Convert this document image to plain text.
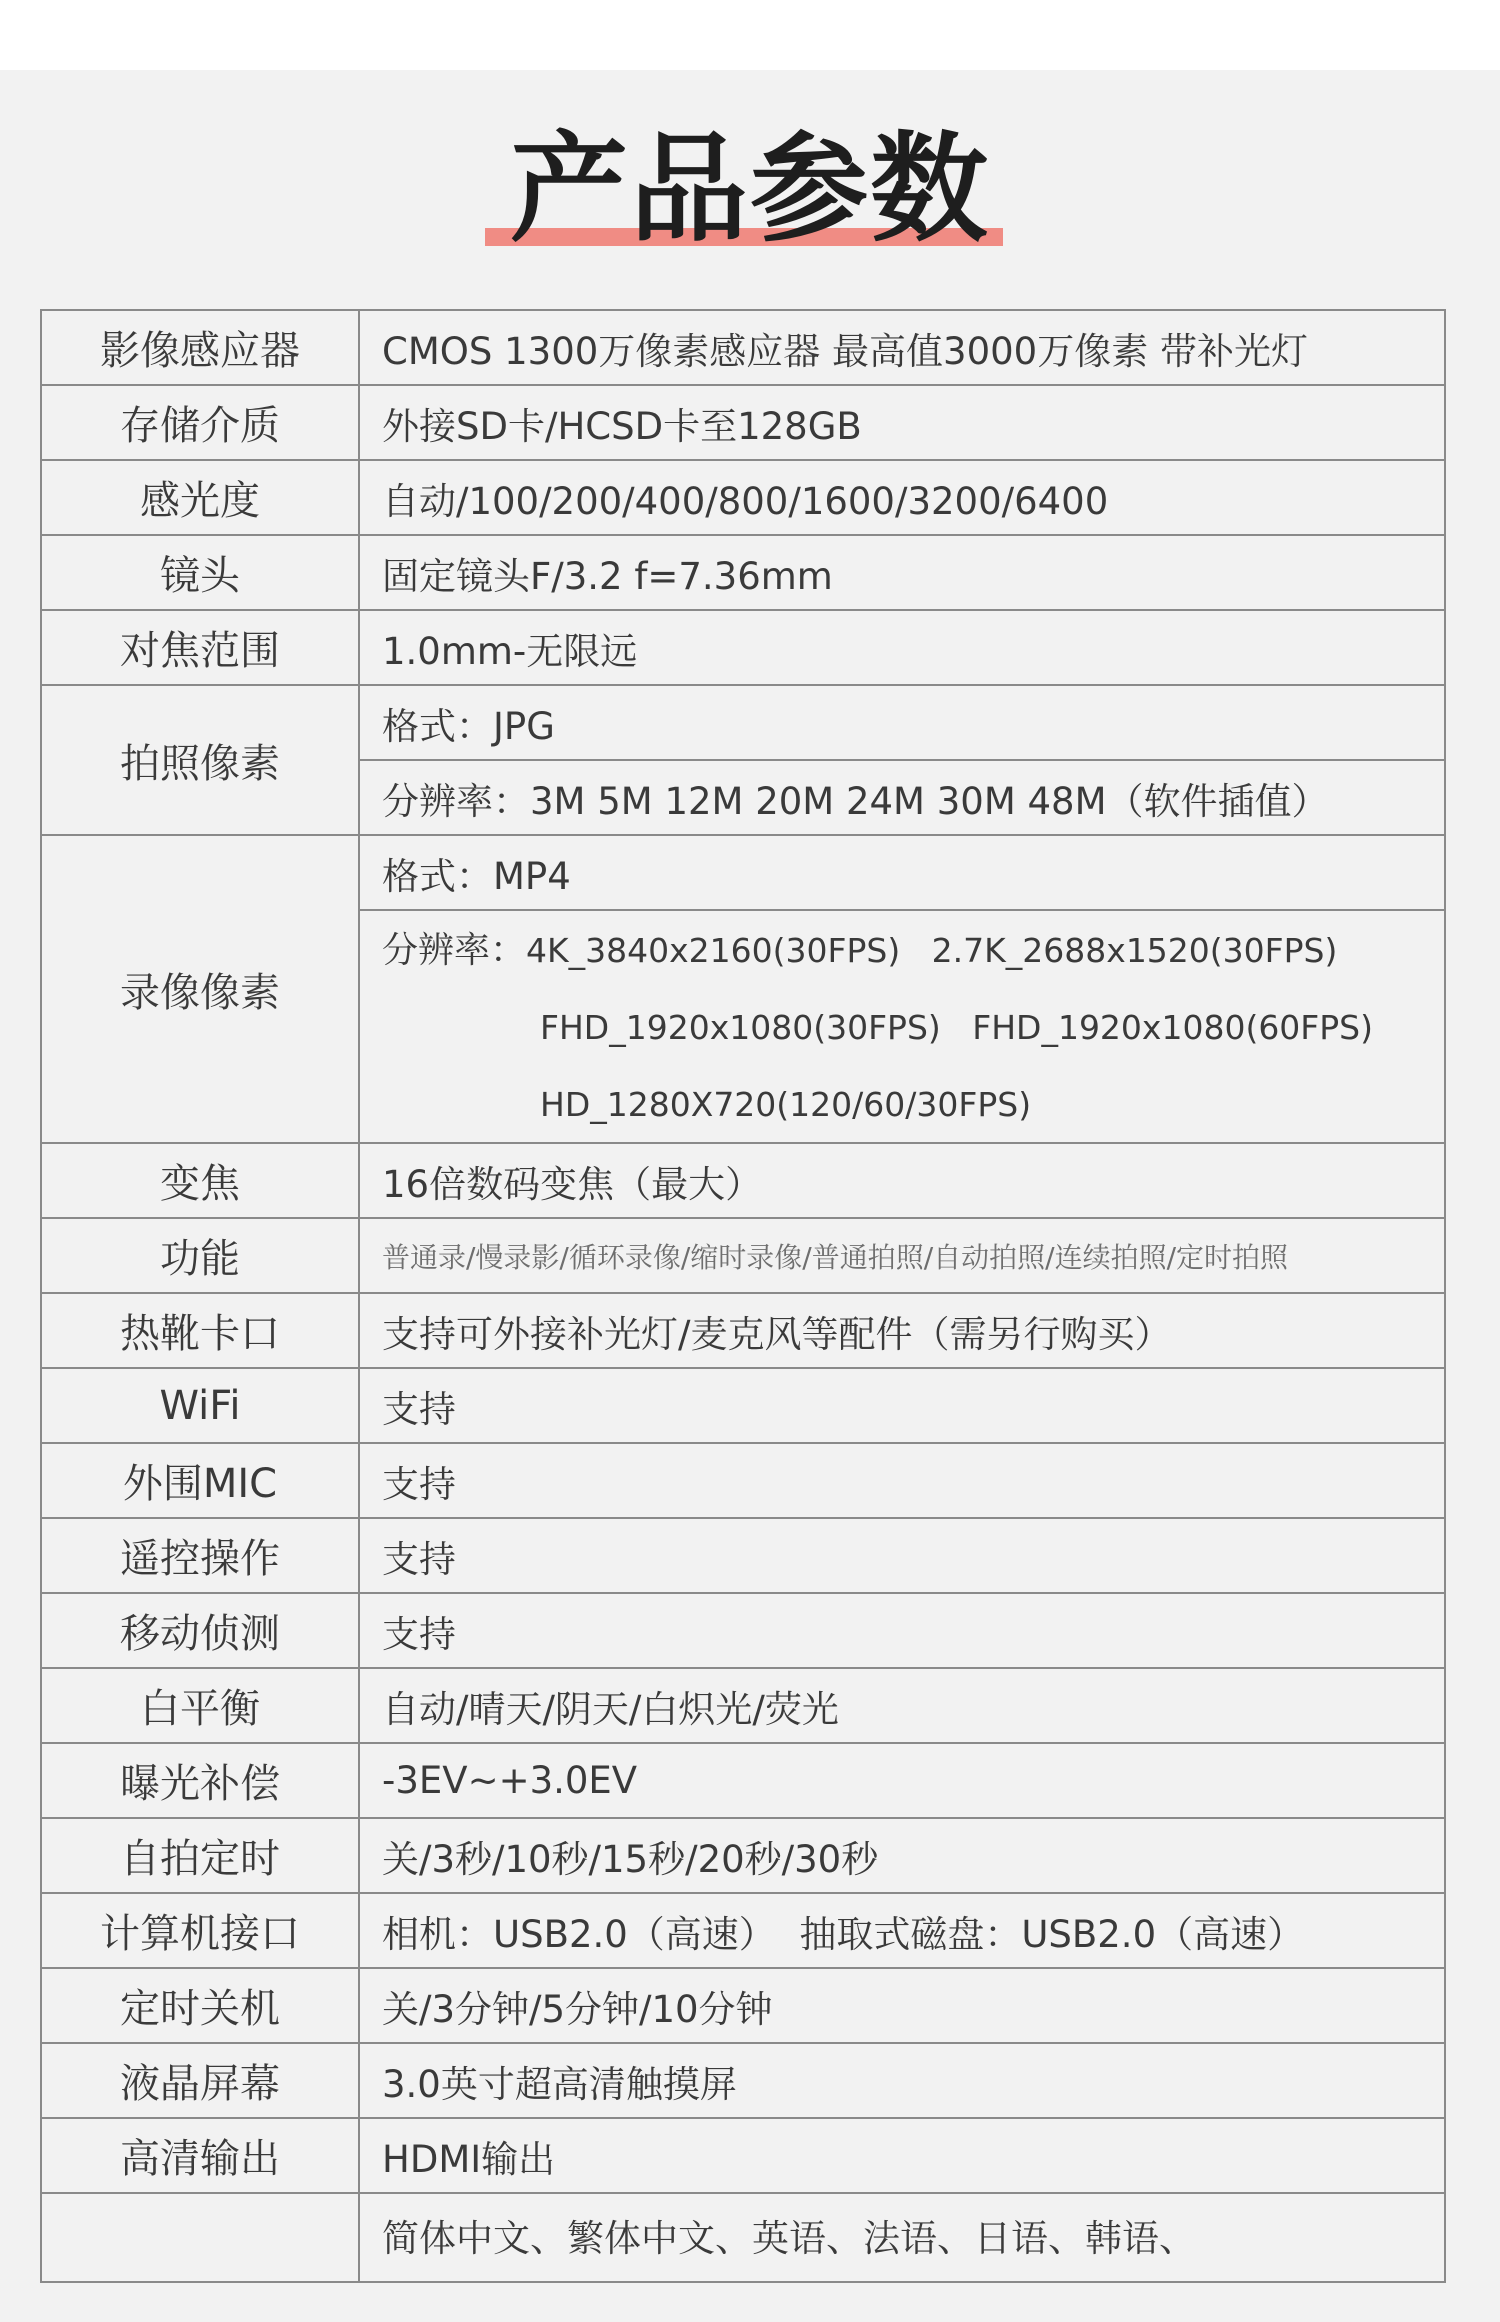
产品参数
影像感应器	CMOS 1300万像素感应器 最高值3000万像素 带补光灯
存储介质	外接SD卡/HCSD卡至128GB
感光度	自动/100/200/400/800/1600/3200/6400
镜头	固定镜头F/3.2 f=7.36mm
对焦范围	1.0mm-无限远
拍照像素	格式：JPG
	分辨率：3M 5M 12M 20M 24M 30M 48M（软件插值）
录像像素	格式：MP4

	分辨率：4K_3840x2160(30FPS)   2.7K_2688x1520(30FPS)
FHD_1920x1080(30FPS)   FHD_1920x1080(60FPS)
HD_1280X720(120/60/30FPS)

变焦	16倍数码变焦（最大）
功能	普通录/慢录影/循环录像/缩时录像/普通拍照/自动拍照/连续拍照/定时拍照
热靴卡口	支持可外接补光灯/麦克风等配件（需另行购买）
WiFi	支持
外围MIC	支持
遥控操作	支持
移动侦测	支持
白平衡	自动/晴天/阴天/白炽光/荧光
曝光补偿	-3EV~+3.0EV
自拍定时	关/3秒/10秒/15秒/20秒/30秒
计算机接口	相机：USB2.0（高速）  抽取式磁盘：USB2.0（高速）
定时关机	关/3分钟/5分钟/10分钟
液晶屏幕	3.0英寸超高清触摸屏
高清输出	HDMI输出
	简体中文、繁体中文、英语、法语、日语、韩语、
